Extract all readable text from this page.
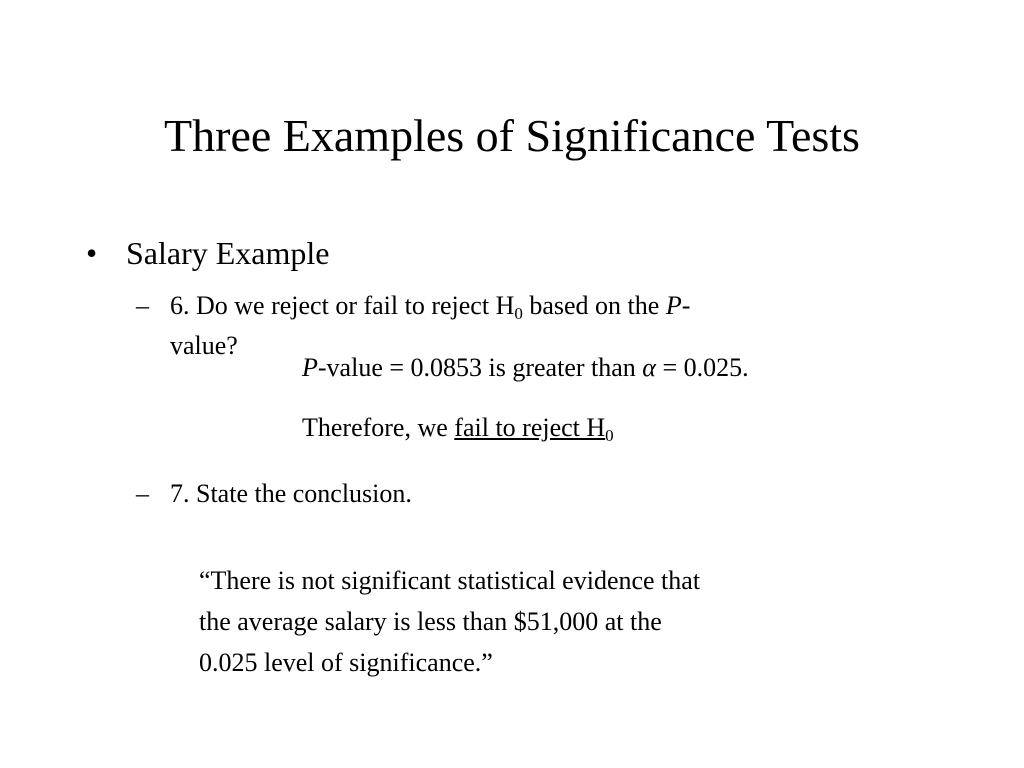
Three Examples of Significance Tests
• Salary Example
– 6. Do we reject or fail to reject $H_0$ based on the P-
value?
P-value = 0.0853 is greater than α = 0.025.
Therefore, we fail to reject $H_0$
– 7. State the conclusion.
“There is not significant statistical evidence that
the average salary is less than $51,000 at the
0.025 level of significance.”
